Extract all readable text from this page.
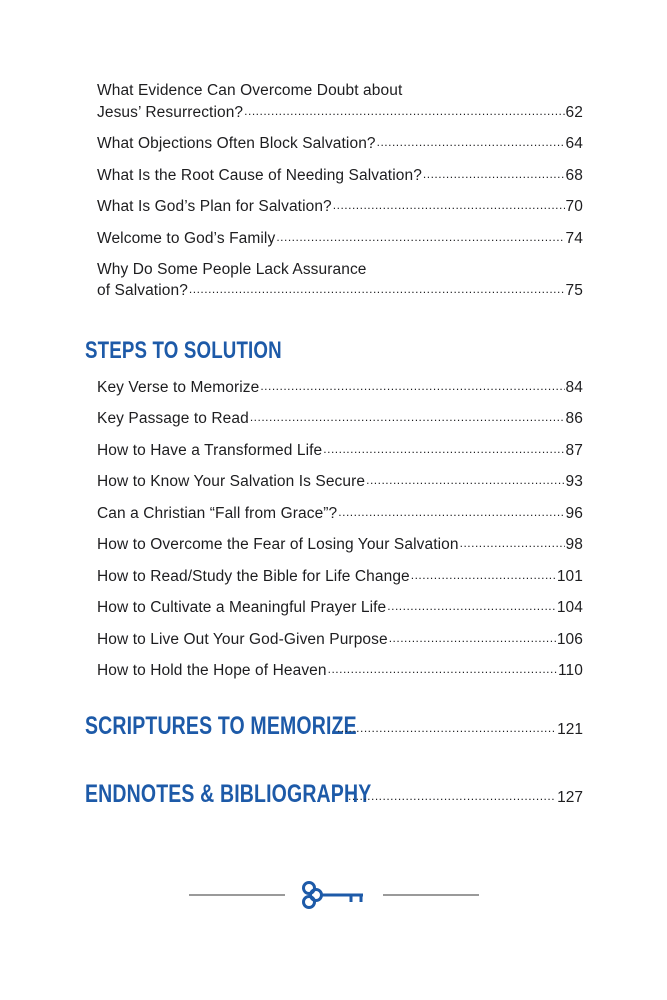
What Evidence Can Overcome Doubt about
Jesus’ Resurrection? .....	62
What Objections Often Block Salvation? .....	64
What Is the Root Cause of Needing Salvation? .....	68
What Is God’s Plan for Salvation? .....	70
Welcome to God’s Family .....	74
Why Do Some People Lack Assurance
of Salvation? .....	75
STEPS TO SOLUTION
Key Verse to Memorize .....	84
Key Passage to Read .....	86
How to Have a Transformed Life .....	87
How to Know Your Salvation Is Secure .....	93
Can a Christian “Fall from Grace”? .....	96
How to Overcome the Fear of Losing Your Salvation .....	98
How to Read/Study the Bible for Life Change .....	101
How to Cultivate a Meaningful Prayer Life .....	104
How to Live Out Your God-Given Purpose .....	106
How to Hold the Hope of Heaven .....	110
SCRIPTURES TO MEMORIZE .....	121
ENDNOTES & BIBLIOGRAPHY .....	127
